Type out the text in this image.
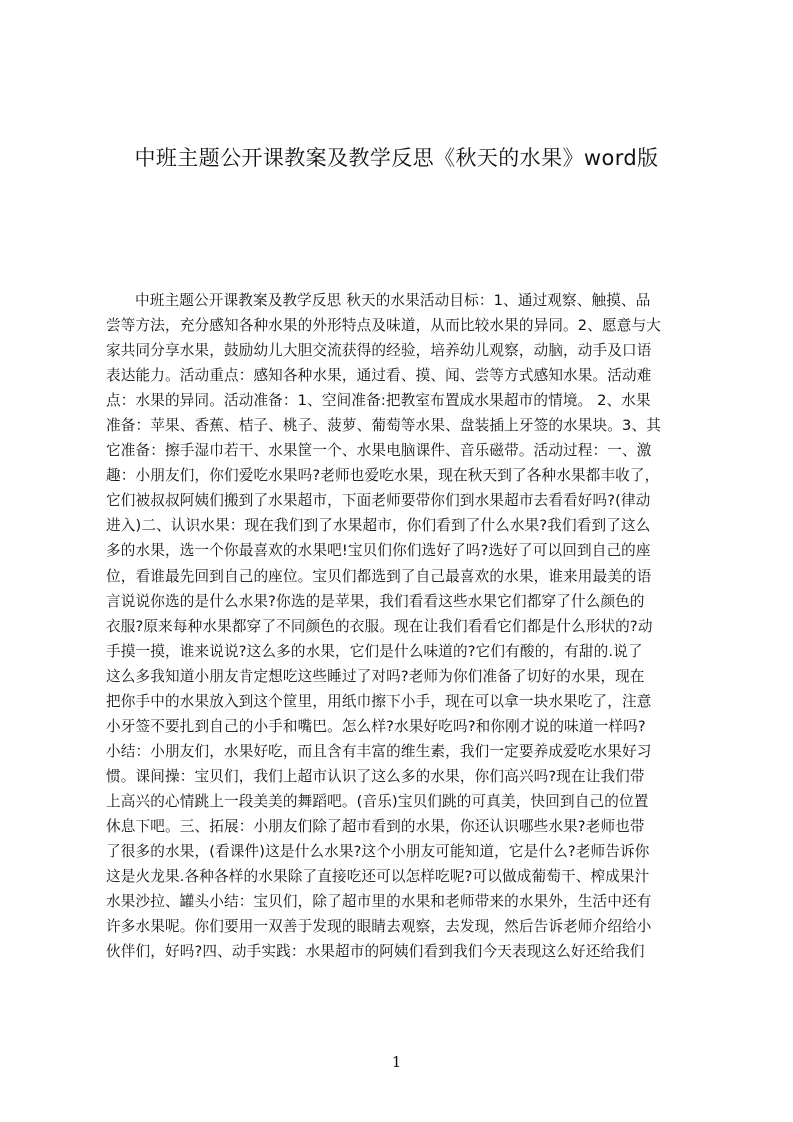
中班主题公开课教案及教学反思《秋天的水果》word版
中班主题公开课教案及教学反思 秋天的水果活动目标：1、通过观察、触摸、品
尝等方法，充分感知各种水果的外形特点及味道，从而比较水果的异同。2、愿意与大
家共同分享水果，鼓励幼儿大胆交流获得的经验，培养幼儿观察，动脑，动手及口语
表达能力。活动重点：感知各种水果，通过看、摸、闻、尝等方式感知水果。活动难
点：水果的异同。活动准备：1、空间准备:把教室布置成水果超市的情境。 2、水果
准备：苹果、香蕉、桔子、桃子、菠萝、葡萄等水果、盘装插上牙签的水果块。3、其
它准备：擦手湿巾若干、水果筐一个、水果电脑课件、音乐磁带。活动过程：一、激
趣：小朋友们，你们爱吃水果吗?老师也爱吃水果，现在秋天到了各种水果都丰收了，
它们被叔叔阿姨们搬到了水果超市，下面老师要带你们到水果超市去看看好吗?(律动
进入)二、认识水果：现在我们到了水果超市，你们看到了什么水果?我们看到了这么
多的水果，选一个你最喜欢的水果吧!宝贝们你们选好了吗?选好了可以回到自己的座
位，看谁最先回到自己的座位。宝贝们都选到了自己最喜欢的水果，谁来用最美的语
言说说你选的是什么水果?你选的是苹果，我们看看这些水果它们都穿了什么颜色的
衣服?原来每种水果都穿了不同颜色的衣服。现在让我们看看它们都是什么形状的?动
手摸一摸，谁来说说?这么多的水果，它们是什么味道的?它们有酸的，有甜的.说了
这么多我知道小朋友肯定想吃这些睡过了对吗?老师为你们准备了切好的水果，现在
把你手中的水果放入到这个筐里，用纸巾擦下小手，现在可以拿一块水果吃了，注意
小牙签不要扎到自己的小手和嘴巴。怎么样?水果好吃吗?和你刚才说的味道一样吗?
小结：小朋友们，水果好吃，而且含有丰富的维生素，我们一定要养成爱吃水果好习
惯。课间操：宝贝们，我们上超市认识了这么多的水果，你们高兴吗?现在让我们带
上高兴的心情跳上一段美美的舞蹈吧。(音乐)宝贝们跳的可真美，快回到自己的位置
休息下吧。三、拓展：小朋友们除了超市看到的水果，你还认识哪些水果?老师也带
了很多的水果，(看课件)这是什么水果?这个小朋友可能知道，它是什么?老师告诉你
这是火龙果.各种各样的水果除了直接吃还可以怎样吃呢?可以做成葡萄干、榨成果汁
水果沙拉、罐头小结：宝贝们，除了超市里的水果和老师带来的水果外，生活中还有
许多水果呢。你们要用一双善于发现的眼睛去观察，去发现，然后告诉老师介绍给小
伙伴们，好吗?四、动手实践：水果超市的阿姨们看到我们今天表现这么好还给我们
1
